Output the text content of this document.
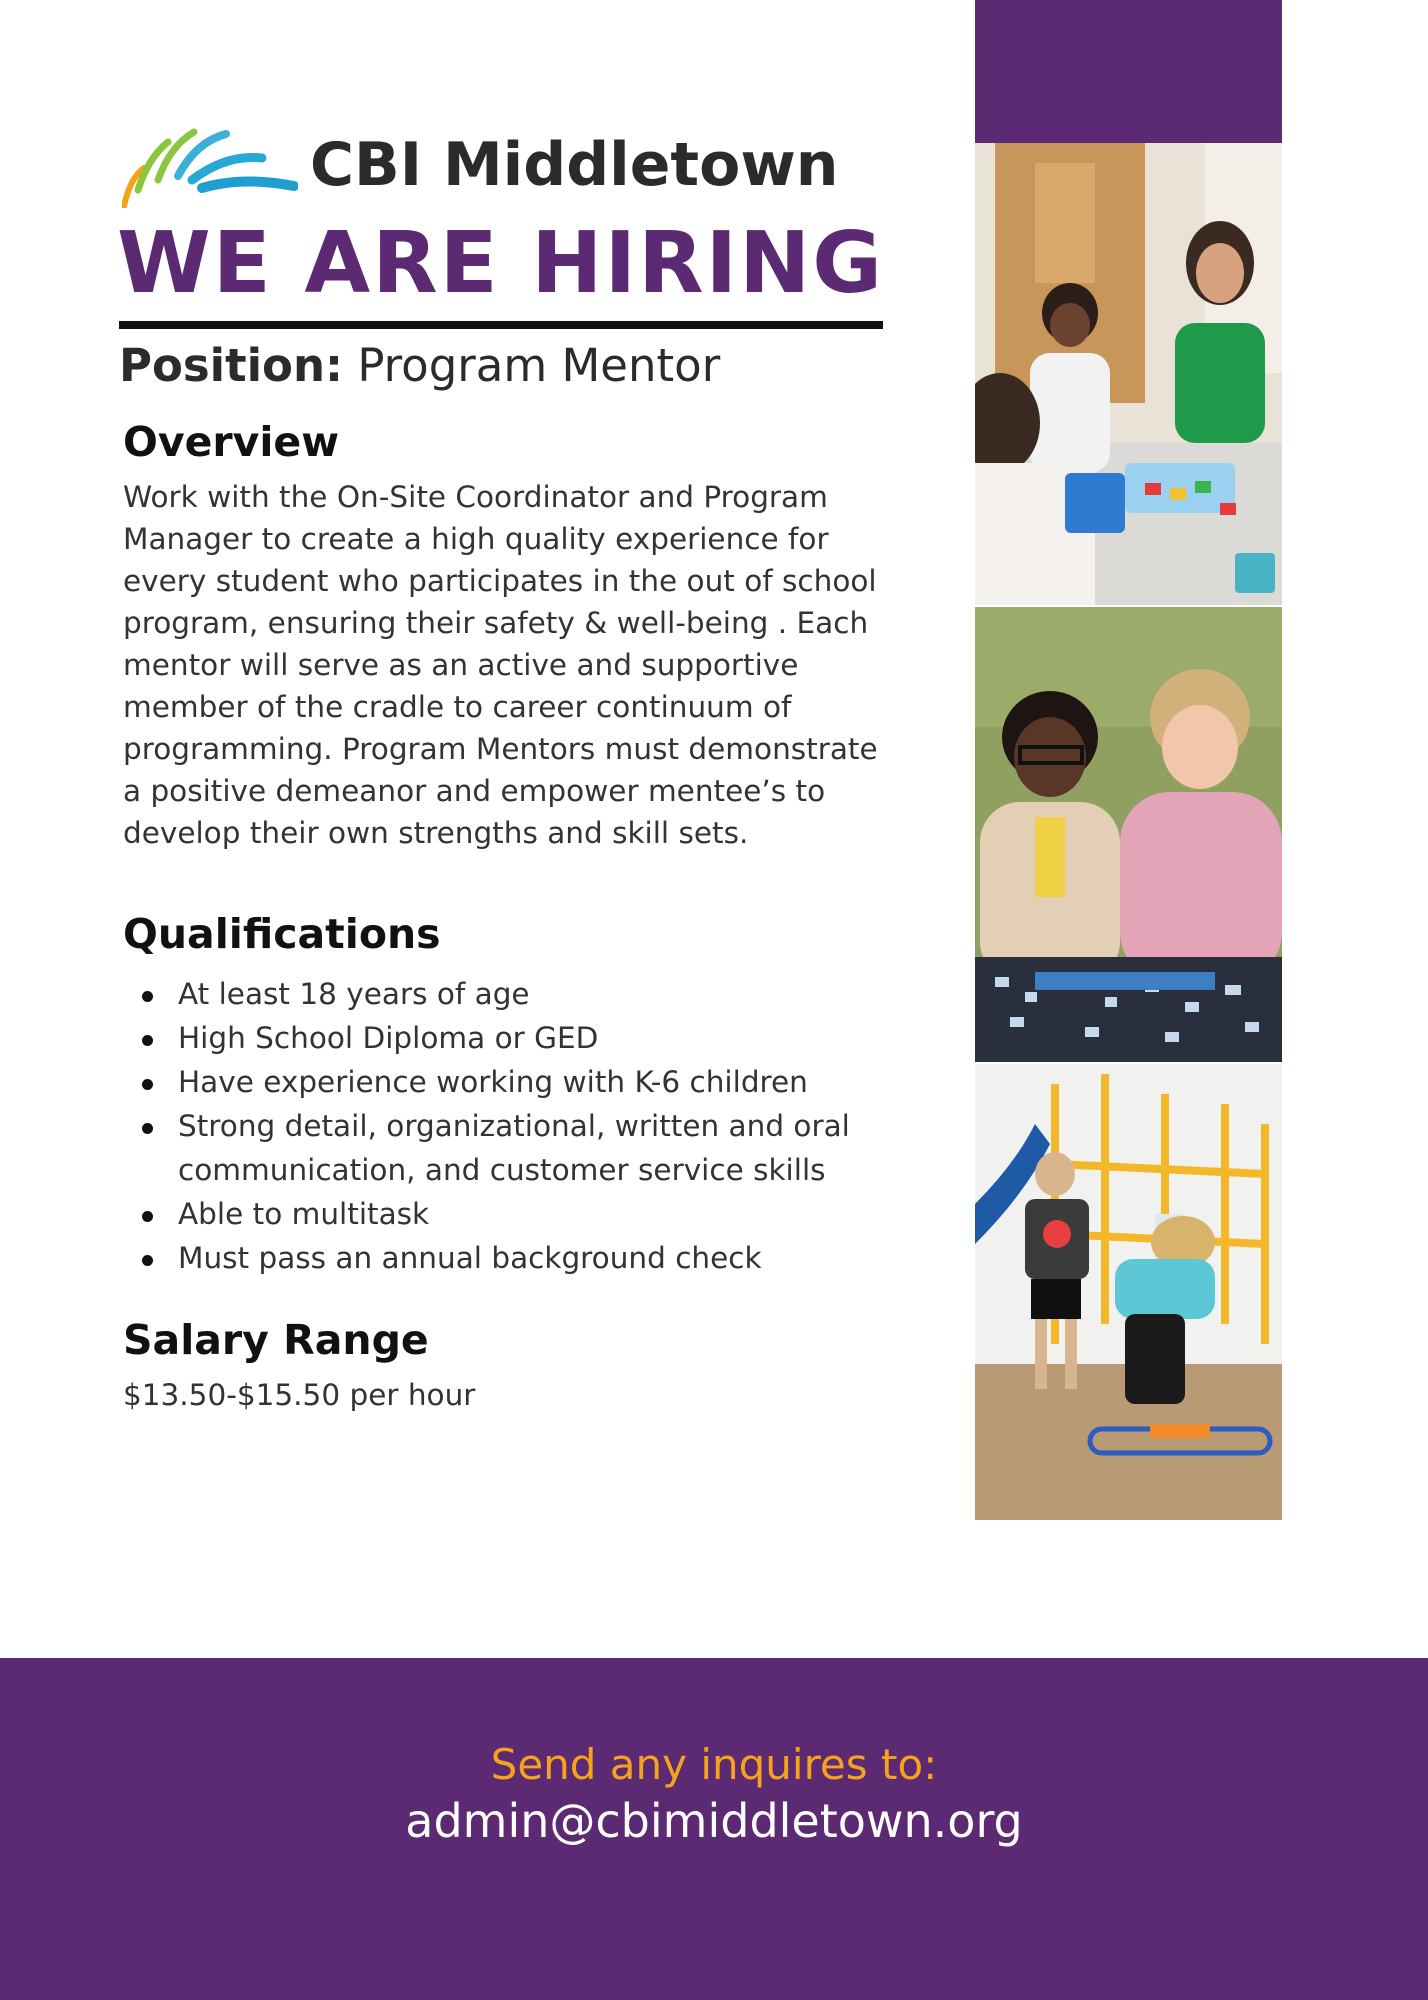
CBI Middletown
WE ARE HIRING
Position: Program Mentor
Overview
Work with the On-Site Coordinator and Program Manager to create a high quality experience for every student who participates in the out of school program, ensuring their safety & well-being . Each mentor will serve as an active and supportive member of the cradle to career continuum of programming. Program Mentors must demonstrate a positive demeanor and empower mentee’s to develop their own strengths and skill sets.
Qualifications
At least 18 years of age
High School Diploma or GED
Have experience working with K-6 children
Strong detail, organizational, written and oral communication, and customer service skills
Able to multitask
Must pass an annual background check
Salary Range
$13.50-$15.50 per hour
Send any inquires to:
admin@cbimiddletown.org
